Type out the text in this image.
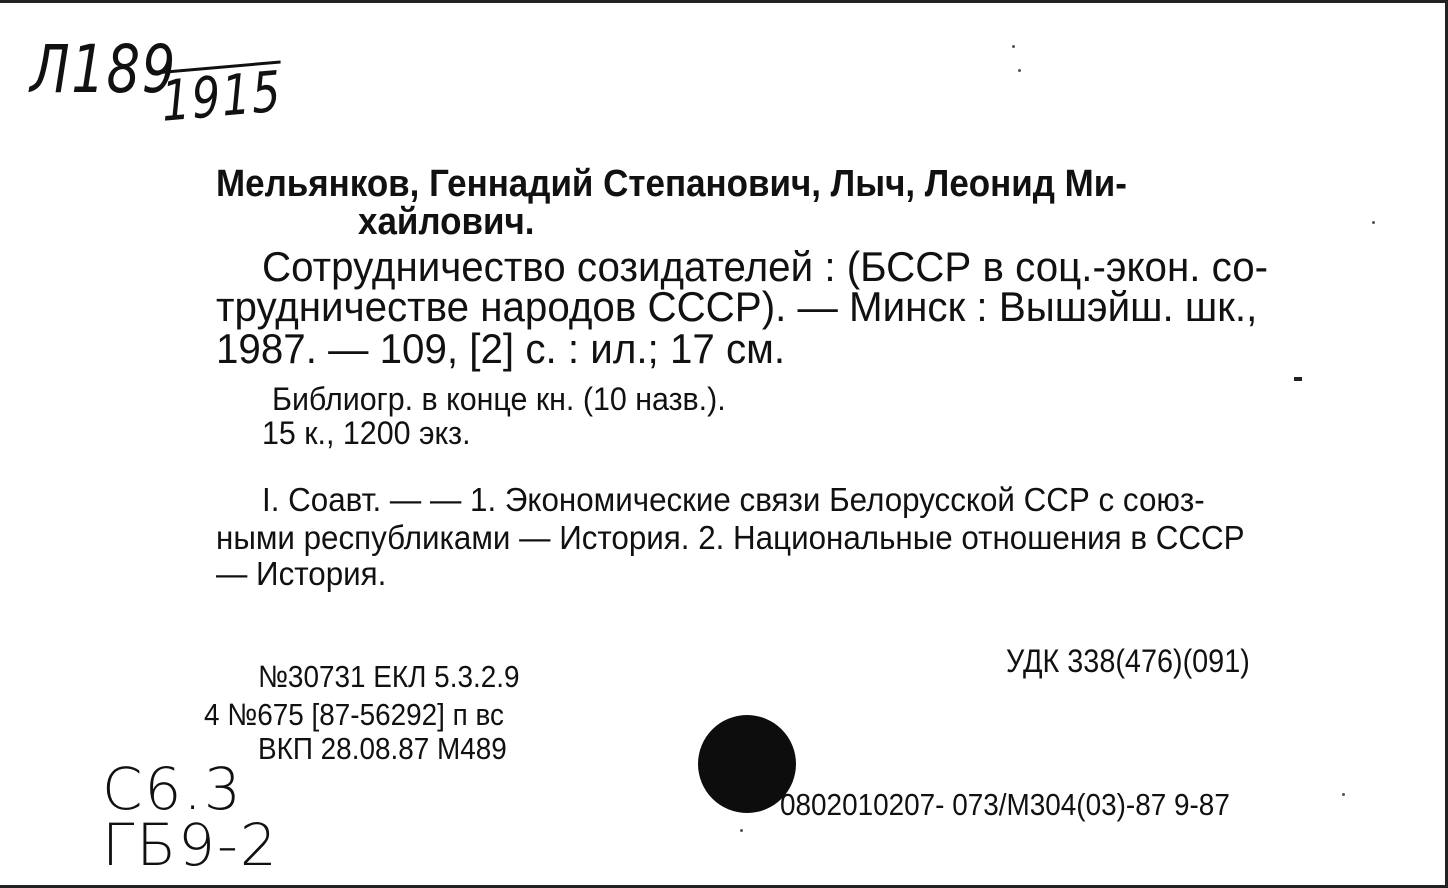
Л189
1915
Мельянков, Геннадий Степанович, Лыч, Леонид Ми-
хайлович.
Сотрудничество созидателей : (БССР в соц.-экон. со-
трудничестве народов СССР). — Минск : Вышэйш. шк.,
1987. — 109, [2] с. : ил.; 17 см.
Библиогр. в конце кн. (10 назв.).
15 к., 1200 экз.
I. Соавт. — — 1. Экономические связи Белорусской ССР с союз-
ными республиками — История. 2. Национальные отношения в СССР
— История.
УДК 338(476)(091)
№30731 ЕКЛ 5.3.2.9
4 №675 [87-56292] п вс
ВКП 28.08.87 М489
0802010207- 073/М304(03)-87 9-87
С6.3
ГБ9-2
